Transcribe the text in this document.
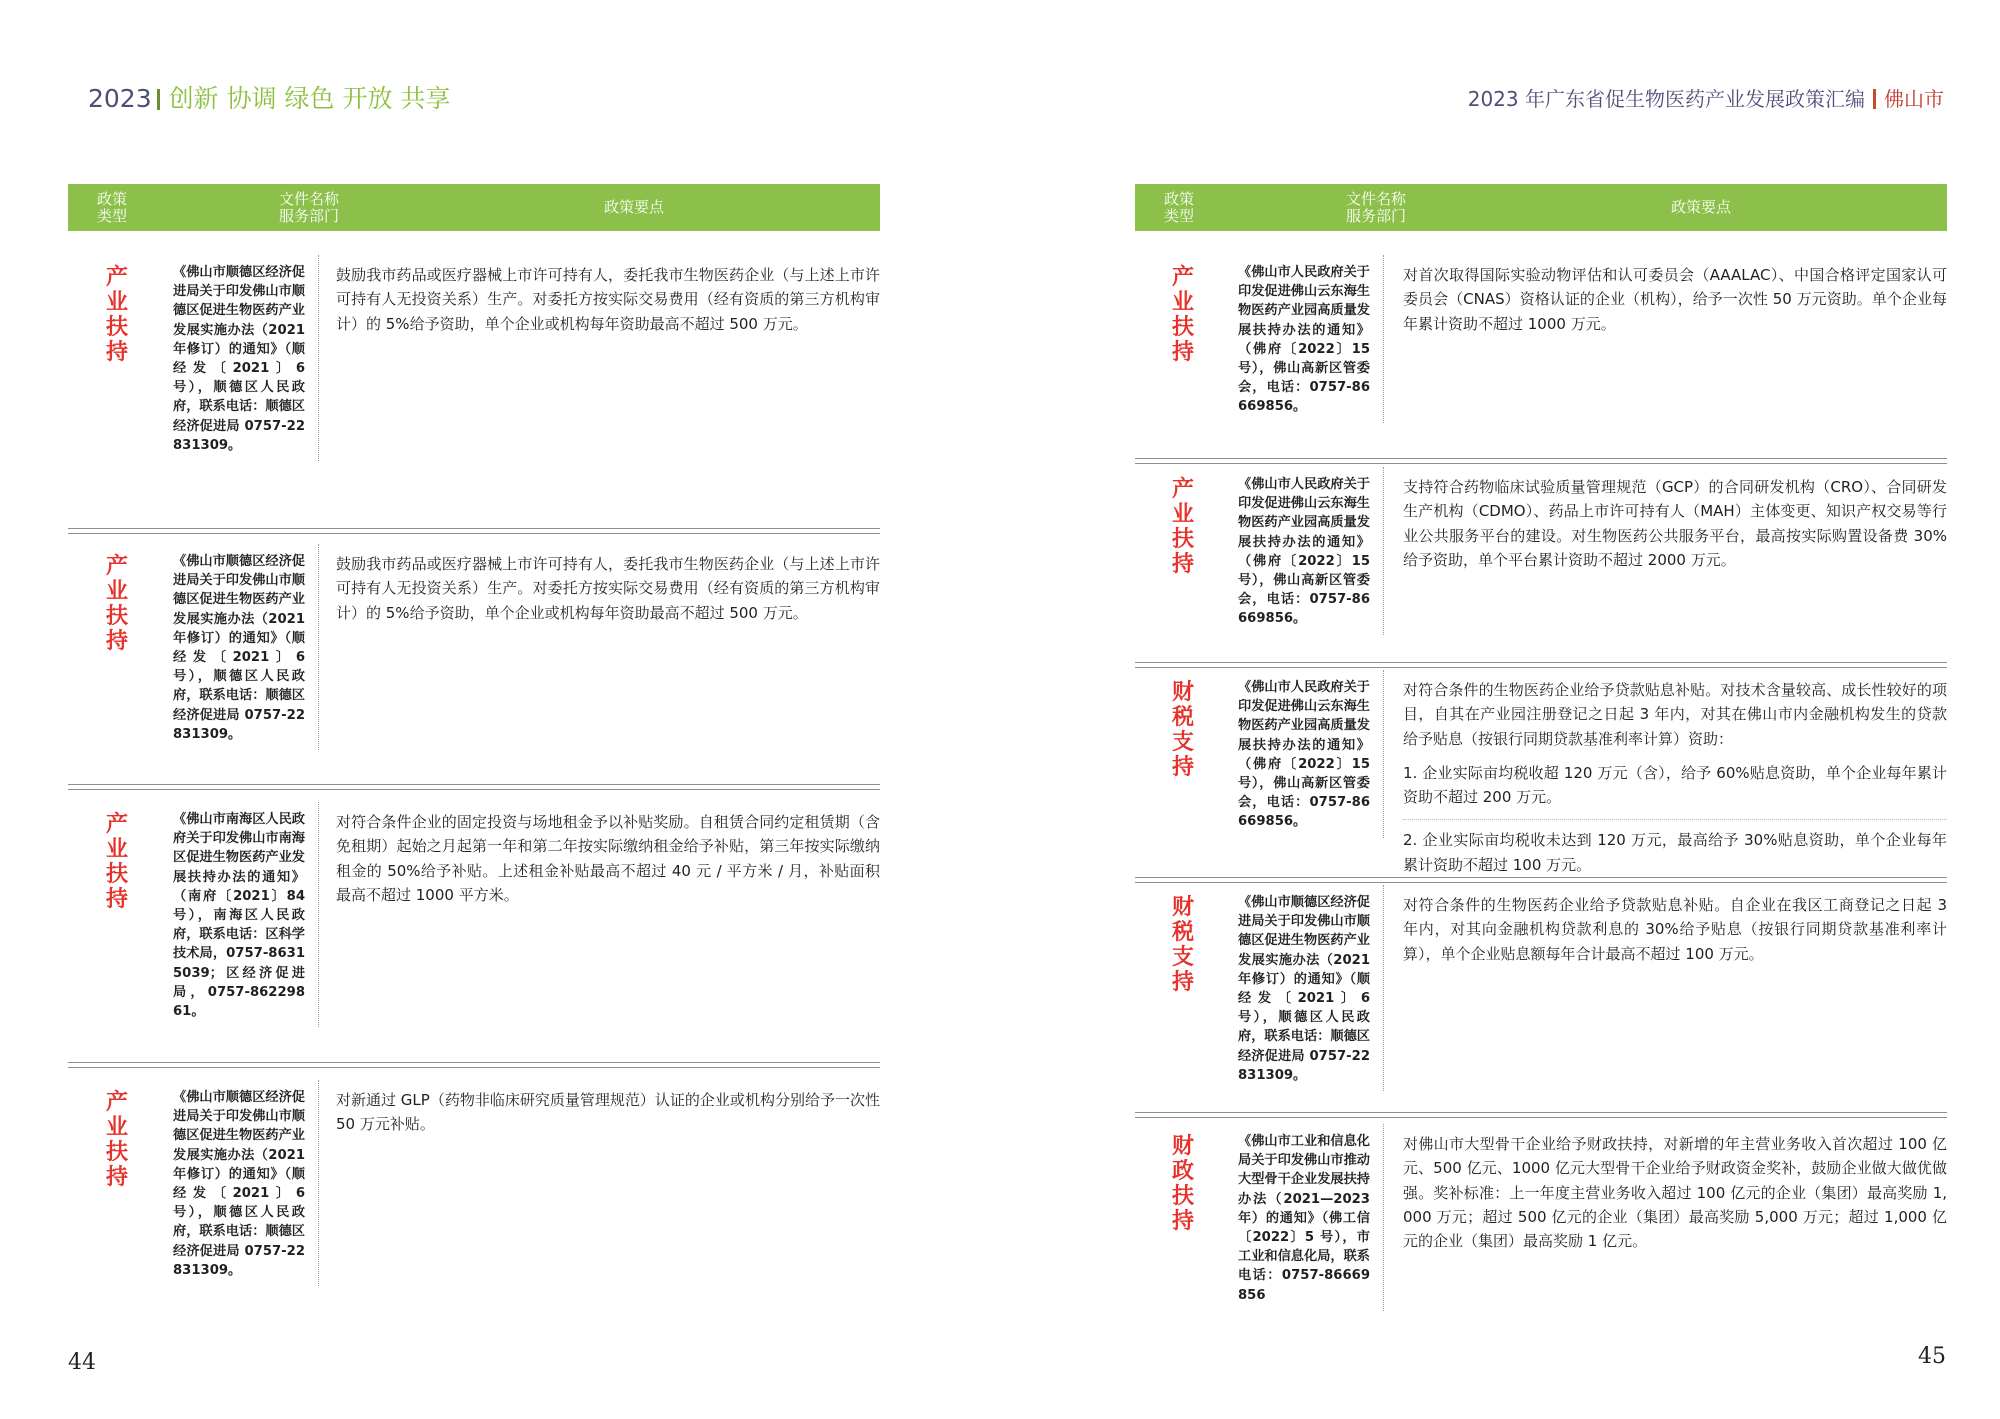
2023 创新 协调 绿色 开放 共享
政策
类型
文件名称
服务部门	政策要点
产业扶持
《佛山市顺德区经济促进局关于印发佛山市顺德区促进生物医药产业发展实施办法（2021 年修订）的通知》（顺经发〔2021〕6 号），顺德区人民政府，联系电话：顺德区经济促进局 0757-22831309。

鼓励我市药品或医疗器械上市许可持有人，委托我市生物医药企业（与上述上市许可持有人无投资关系）生产。对委托方按实际交易费用（经有资质的第三方机构审计）的 5%给予资助，单个企业或机构每年资助最高不超过 500 万元。

产业扶持
《佛山市顺德区经济促进局关于印发佛山市顺德区促进生物医药产业发展实施办法（2021 年修订）的通知》（顺经发〔2021〕6 号），顺德区人民政府，联系电话：顺德区经济促进局 0757-22831309。

鼓励我市药品或医疗器械上市许可持有人，委托我市生物医药企业（与上述上市许可持有人无投资关系）生产。对委托方按实际交易费用（经有资质的第三方机构审计）的 5%给予资助，单个企业或机构每年资助最高不超过 500 万元。

产业扶持
《佛山市南海区人民政府关于印发佛山市南海区促进生物医药产业发展扶持办法的通知》（南府〔2021〕84 号），南海区人民政府，联系电话：区科学技术局，0757-86315039；区经济促进局，0757-86229861。

对符合条件企业的固定投资与场地租金予以补贴奖励。自租赁合同约定租赁期（含免租期）起始之月起第一年和第二年按实际缴纳租金给予补贴，第三年按实际缴纳租金的 50%给予补贴。上述租金补贴最高不超过 40 元 / 平方米 / 月，补贴面积最高不超过 1000 平方米。

产业扶持
《佛山市顺德区经济促进局关于印发佛山市顺德区促进生物医药产业发展实施办法（2021 年修订）的通知》（顺经发〔2021〕6 号），顺德区人民政府，联系电话：顺德区经济促进局 0757-22831309。

对新通过 GLP（药物非临床研究质量管理规范）认证的企业或机构分别给予一次性 50 万元补贴。

44
2023 年广东省促生物医药产业发展政策汇编 佛山市
政策
类型
文件名称
服务部门	政策要点
产业扶持
《佛山市人民政府关于印发促进佛山云东海生物医药产业园高质量发展扶持办法的通知》（佛府〔2022〕15 号），佛山高新区管委会，电话：0757-86669856。

对首次取得国际实验动物评估和认可委员会（AAALAC）、中国合格评定国家认可委员会（CNAS）资格认证的企业（机构），给予一次性 50 万元资助。单个企业每年累计资助不超过 1000 万元。

产业扶持
《佛山市人民政府关于印发促进佛山云东海生物医药产业园高质量发展扶持办法的通知》（佛府〔2022〕15 号），佛山高新区管委会，电话：0757-86669856。

支持符合药物临床试验质量管理规范（GCP）的合同研发机构（CRO）、合同研发生产机构（CDMO）、药品上市许可持有人（MAH）主体变更、知识产权交易等行业公共服务平台的建设。对生物医药公共服务平台，最高按实际购置设备费 30%给予资助，单个平台累计资助不超过 2000 万元。

财税支持
《佛山市人民政府关于印发促进佛山云东海生物医药产业园高质量发展扶持办法的通知》（佛府〔2022〕15 号），佛山高新区管委会，电话：0757-86669856。

对符合条件的生物医药企业给予贷款贴息补贴。对技术含量较高、成长性较好的项目，自其在产业园注册登记之日起 3 年内，对其在佛山市内金融机构发生的贷款给予贴息（按银行同期贷款基准利率计算）资助：

1. 企业实际亩均税收超 120 万元（含），给予 60%贴息资助，单个企业每年累计资助不超过 200 万元。

2. 企业实际亩均税收未达到 120 万元，最高给予 30%贴息资助，单个企业每年累计资助不超过 100 万元。

财税支持
《佛山市顺德区经济促进局关于印发佛山市顺德区促进生物医药产业发展实施办法（2021 年修订）的通知》（顺经发〔2021〕6 号），顺德区人民政府，联系电话：顺德区经济促进局 0757-22831309。

对符合条件的生物医药企业给予贷款贴息补贴。自企业在我区工商登记之日起 3 年内，对其向金融机构贷款利息的 30%给予贴息（按银行同期贷款基准利率计算），单个企业贴息额每年合计最高不超过 100 万元。

财政扶持
《佛山市工业和信息化局关于印发佛山市推动大型骨干企业发展扶持办法（2021—2023 年）的通知》（佛工信〔2022〕5 号），市工业和信息化局，联系电话：0757-86669856

对佛山市大型骨干企业给予财政扶持，对新增的年主营业务收入首次超过 100 亿元、500 亿元、1000 亿元大型骨干企业给予财政资金奖补，鼓励企业做大做优做强。奖补标准：上一年度主营业务收入超过 100 亿元的企业（集团）最高奖励 1,000 万元；超过 500 亿元的企业（集团）最高奖励 5,000 万元；超过 1,000 亿元的企业（集团）最高奖励 1 亿元。

45
